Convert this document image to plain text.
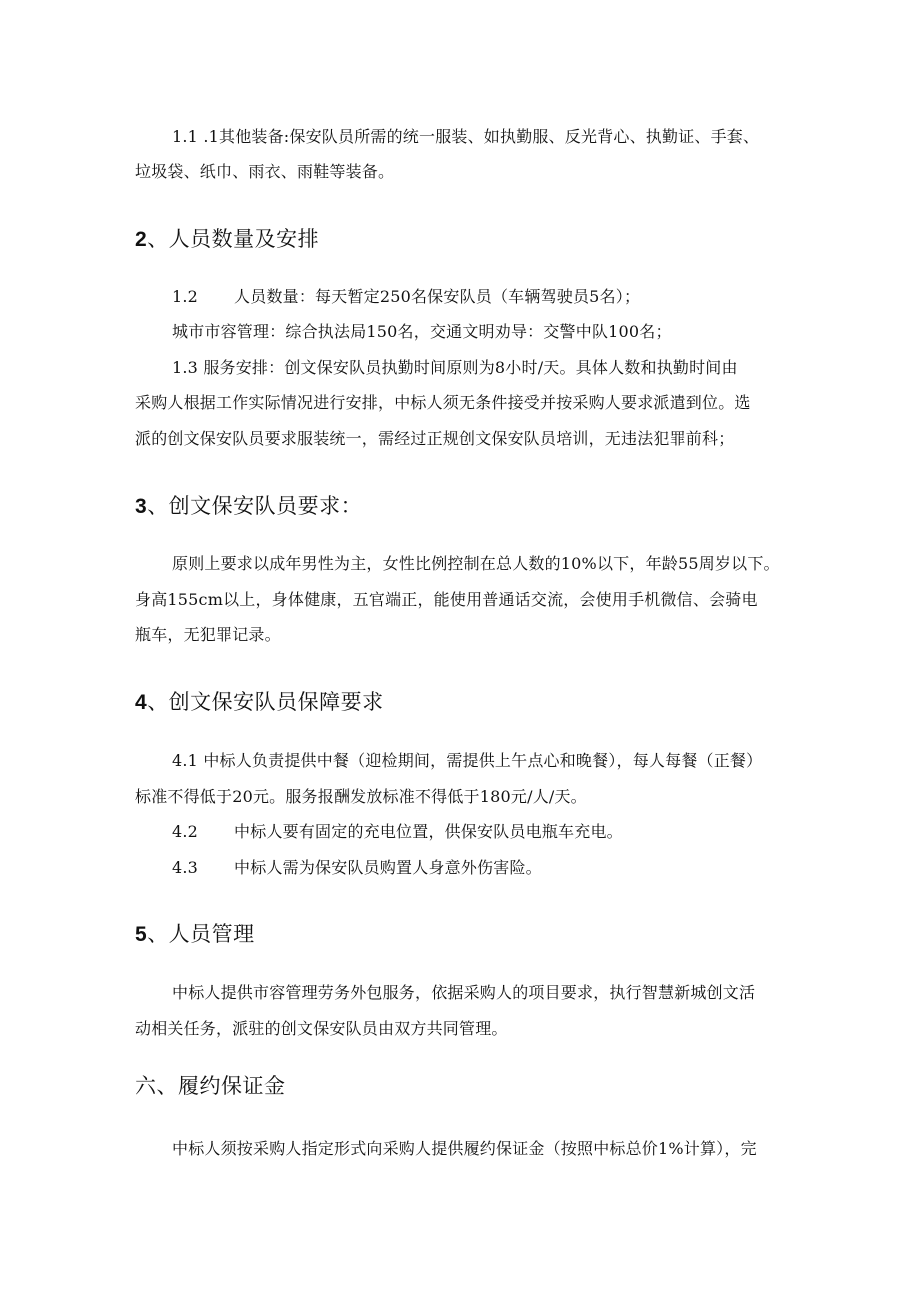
1.1 .1其他装备:保安队员所需的统一服装、如执勤服、反光背心、执勤证、手套、
垃圾袋、纸巾、雨衣、雨鞋等装备。
2、人员数量及安排
1.2 人员数量：每天暂定250名保安队员（车辆驾驶员5名）；
城市市容管理：综合执法局150名，交通文明劝导：交警中队100名；
1.3 服务安排：创文保安队员执勤时间原则为8小时/天。具体人数和执勤时间由
采购人根据工作实际情况进行安排，中标人须无条件接受并按采购人要求派遣到位。选
派的创文保安队员要求服装统一，需经过正规创文保安队员培训，无违法犯罪前科；
3、创文保安队员要求：
原则上要求以成年男性为主，女性比例控制在总人数的10%以下，年龄55周岁以下。
身高155cm以上，身体健康，五官端正，能使用普通话交流，会使用手机微信、会骑电
瓶车，无犯罪记录。
4、创文保安队员保障要求
4.1 中标人负责提供中餐（迎检期间，需提供上午点心和晚餐），每人每餐（正餐）
标准不得低于20元。服务报酬发放标准不得低于180元/人/天。
4.2 中标人要有固定的充电位置，供保安队员电瓶车充电。
4.3 中标人需为保安队员购置人身意外伤害险。
5、人员管理
中标人提供市容管理劳务外包服务，依据采购人的项目要求，执行智慧新城创文活
动相关任务，派驻的创文保安队员由双方共同管理。
六、履约保证金
中标人须按采购人指定形式向采购人提供履约保证金（按照中标总价1%计算），完
